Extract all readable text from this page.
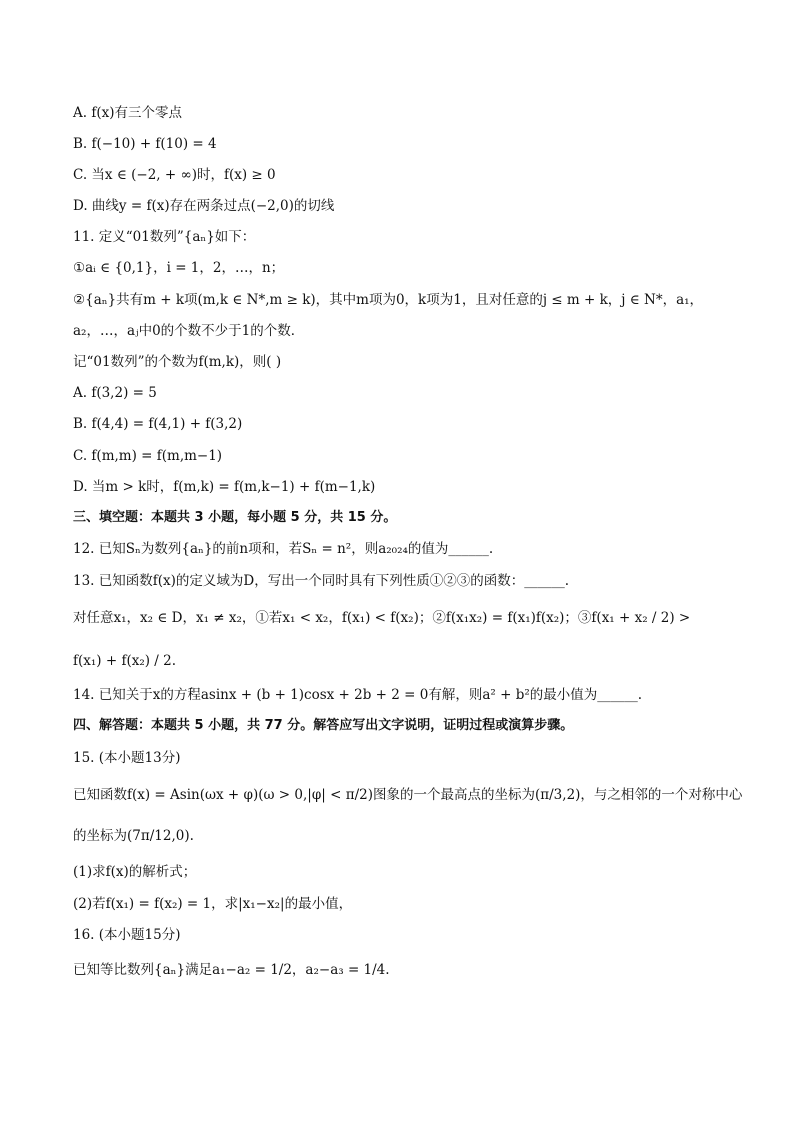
A. f(x)有三个零点
B. f(−10) + f(10) = 4
C. 当x ∈ (−2, + ∞)时，f(x) ≥ 0
D. 曲线y = f(x)存在两条过点(−2,0)的切线
11. 定义“01数列”{aₙ}如下：
①aᵢ ∈ {0,1}，i = 1，2，…，n；
②{aₙ}共有m + k项(m,k ∈ N*,m ≥ k)，其中m项为0，k项为1，且对任意的j ≤ m + k，j ∈ N*，a₁，
a₂，…，aⱼ中0的个数不少于1的个数．
记“01数列”的个数为f(m,k)，则( )
A. f(3,2) = 5
B. f(4,4) = f(4,1) + f(3,2)
C. f(m,m) = f(m,m−1)
D. 当m > k时，f(m,k) = f(m,k−1) + f(m−1,k)
三、填空题：本题共 3 小题，每小题 5 分，共 15 分。
12. 已知Sₙ为数列{aₙ}的前n项和，若Sₙ = n²，则a₂₀₂₄的值为______.
13. 已知函数f(x)的定义域为D，写出一个同时具有下列性质①②③的函数：______.
对任意x₁，x₂ ∈ D，x₁ ≠ x₂，①若x₁ < x₂，f(x₁) < f(x₂)；②f(x₁x₂) = f(x₁)f(x₂)；③f(x₁ + x₂ / 2) >
f(x₁) + f(x₂) / 2.
14. 已知关于x的方程asinx + (b + 1)cosx + 2b + 2 = 0有解，则a² + b²的最小值为______.
四、解答题：本题共 5 小题，共 77 分。解答应写出文字说明，证明过程或演算步骤。
15. (本小题13分)
已知函数f(x) = Asin(ωx + φ)(ω > 0,|φ| < π/2)图象的一个最高点的坐标为(π/3,2)，与之相邻的一个对称中心
的坐标为(7π/12,0).
(1)求f(x)的解析式；
(2)若f(x₁) = f(x₂) = 1，求|x₁−x₂|的最小值，
16. (本小题15分)
已知等比数列{aₙ}满足a₁−a₂ = 1/2，a₂−a₃ = 1/4.
